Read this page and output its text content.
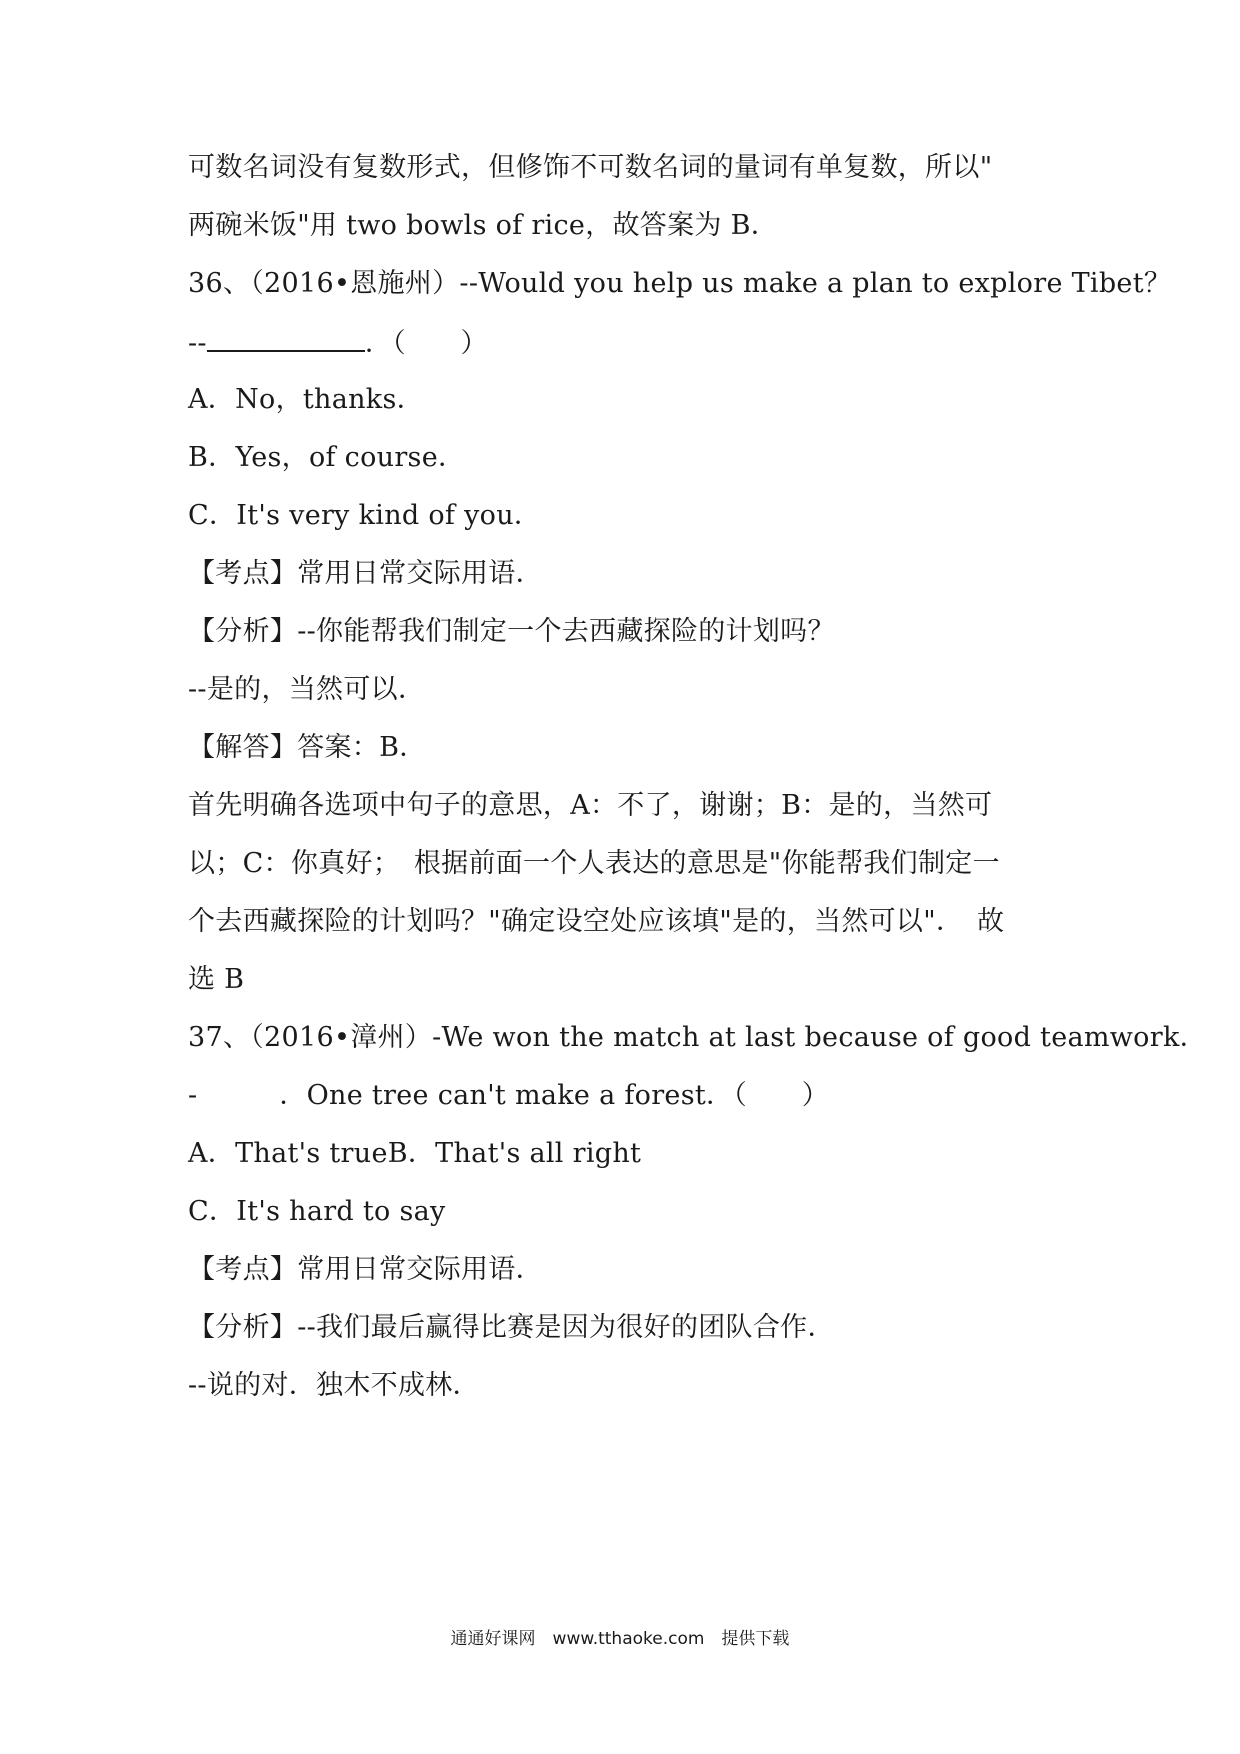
可数名词没有复数形式，但修饰不可数名词的量词有单复数，所以"
两碗米饭"用 two bowls of rice，故答案为 B．
36、（2016•恩施州）--Would you help us make a plan to explore Tibet？
--	．（　　）
A．No，thanks．
B．Yes，of course．
C．It's very kind of you．
【考点】常用日常交际用语．
【分析】--你能帮我们制定一个去西藏探险的计划吗？
--是的，当然可以．
【解答】答案：B．
首先明确各选项中句子的意思，A：不了，谢谢；B：是的，当然可
以；C：你真好；　根据前面一个人表达的意思是"你能帮我们制定一
个去西藏探险的计划吗？"确定设空处应该填"是的，当然可以"．　故
选 B
37、（2016•漳州）-We won the match at last because of good teamwork．
-　　　．One tree can't make a forest．（　　）
A．That's trueB．That's all right
C．It's hard to say
【考点】常用日常交际用语．
【分析】--我们最后赢得比赛是因为很好的团队合作．
--说的对．独木不成林．
通通好课网　www.tthaoke.com　提供下载
